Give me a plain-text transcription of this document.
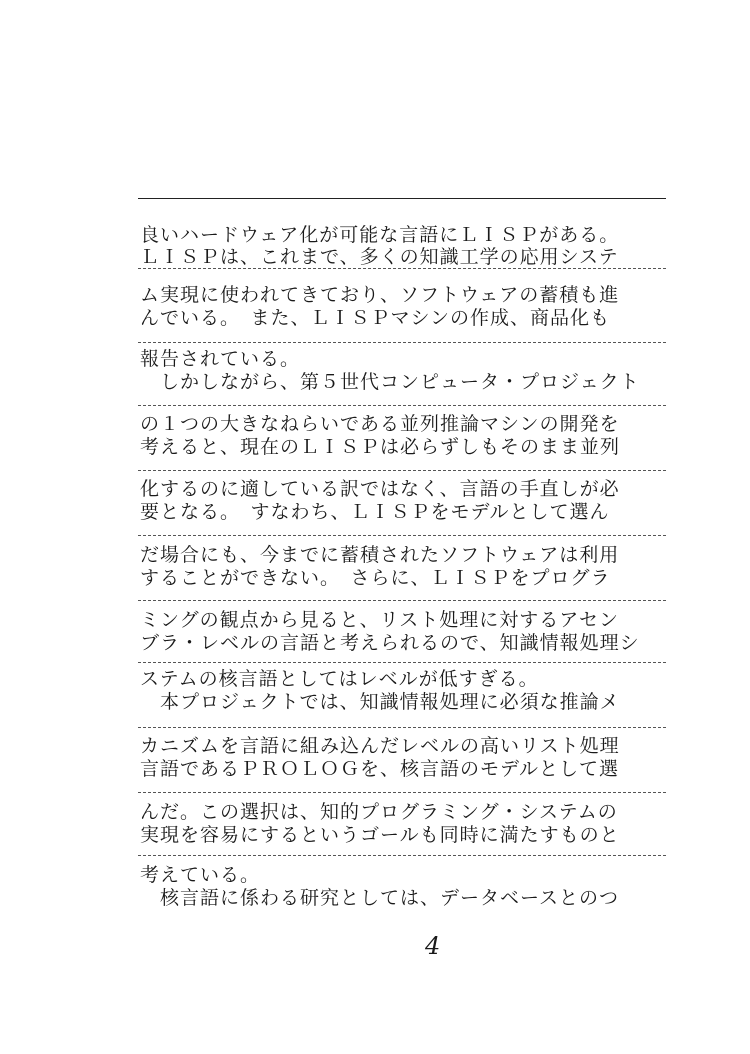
良いハードウェア化が可能な言語にＬＩＳＰがある。
ＬＩＳＰは、これまで、多くの知識工学の応用システ
ム実現に使われてきており、ソフトウェアの蓄積も進
んでいる。　また、ＬＩＳＰマシンの作成、商品化も
報告されている。
　しかしながら、第５世代コンピュータ・プロジェクト
の１つの大きなねらいである並列推論マシンの開発を
考えると、現在のＬＩＳＰは必らずしもそのまま並列
化するのに適している訳ではなく、言語の手直しが必
要となる。　すなわち、ＬＩＳＰをモデルとして選ん
だ場合にも、今までに蓄積されたソフトウェアは利用
することができない。　さらに、ＬＩＳＰをプログラ
ミングの観点から見ると、リスト処理に対するアセン
ブラ・レベルの言語と考えられるので、知識情報処理シ
ステムの核言語としてはレベルが低すぎる。
　本プロジェクトでは、知識情報処理に必須な推論メ
カニズムを言語に組み込んだレベルの高いリスト処理
言語であるＰＲＯＬＯＧを、核言語のモデルとして選
んだ。この選択は、知的プログラミング・システムの
実現を容易にするというゴールも同時に満たすものと
考えている。
　核言語に係わる研究としては、データベースとのつ
4
